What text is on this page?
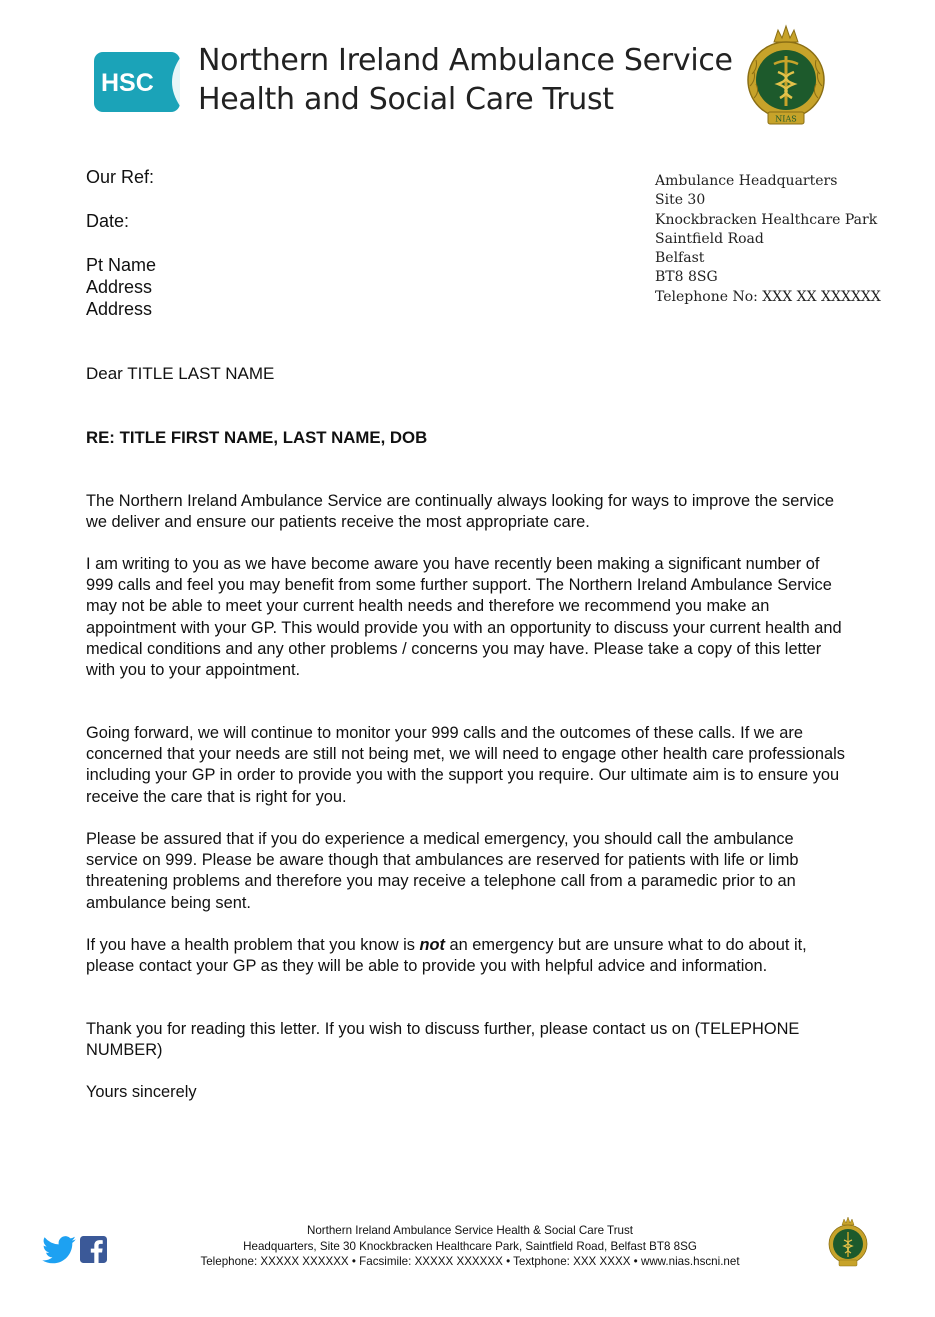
HSC
Northern Ireland Ambulance Service
Health and Social Care Trust
NIAS
Our Ref:
Date:
Pt Name
Address
Address
Ambulance Headquarters
Site 30
Knockbracken Healthcare Park
Saintfield Road
Belfast
BT8 8SG
Telephone No: XXX XX XXXXXX
Dear TITLE LAST NAME
RE: TITLE FIRST NAME, LAST NAME, DOB
The Northern Ireland Ambulance Service are continually always looking for ways to improve the service we deliver and ensure our patients receive the most appropriate care.
I am writing to you as we have become aware you have recently been making a significant number of 999 calls and feel you may benefit from some further support. The Northern Ireland Ambulance Service may not be able to meet your current health needs and therefore we recommend you make an appointment with your GP. This would provide you with an opportunity to discuss your current health and medical conditions and any other problems / concerns you may have. Please take a copy of this letter with you to your appointment.
Going forward, we will continue to monitor your 999 calls and the outcomes of these calls. If we are concerned that your needs are still not being met, we will need to engage other health care professionals including your GP in order to provide you with the support you require. Our ultimate aim is to ensure you receive the care that is right for you.
Please be assured that if you do experience a medical emergency, you should call the ambulance service on 999. Please be aware though that ambulances are reserved for patients with life or limb threatening problems and therefore you may receive a telephone call from a paramedic prior to an ambulance being sent.
If you have a health problem that you know is not an emergency but are unsure what to do about it, please contact your GP as they will be able to provide you with helpful advice and information.
Thank you for reading this letter. If you wish to discuss further, please contact us on (TELEPHONE NUMBER)
Yours sincerely
Northern Ireland Ambulance Service Health & Social Care Trust
Headquarters, Site 30 Knockbracken Healthcare Park, Saintfield Road, Belfast BT8 8SG
Telephone: XXXXX XXXXXX • Facsimile: XXXXX XXXXXX • Textphone: XXX XXXX • www.nias.hscni.net
